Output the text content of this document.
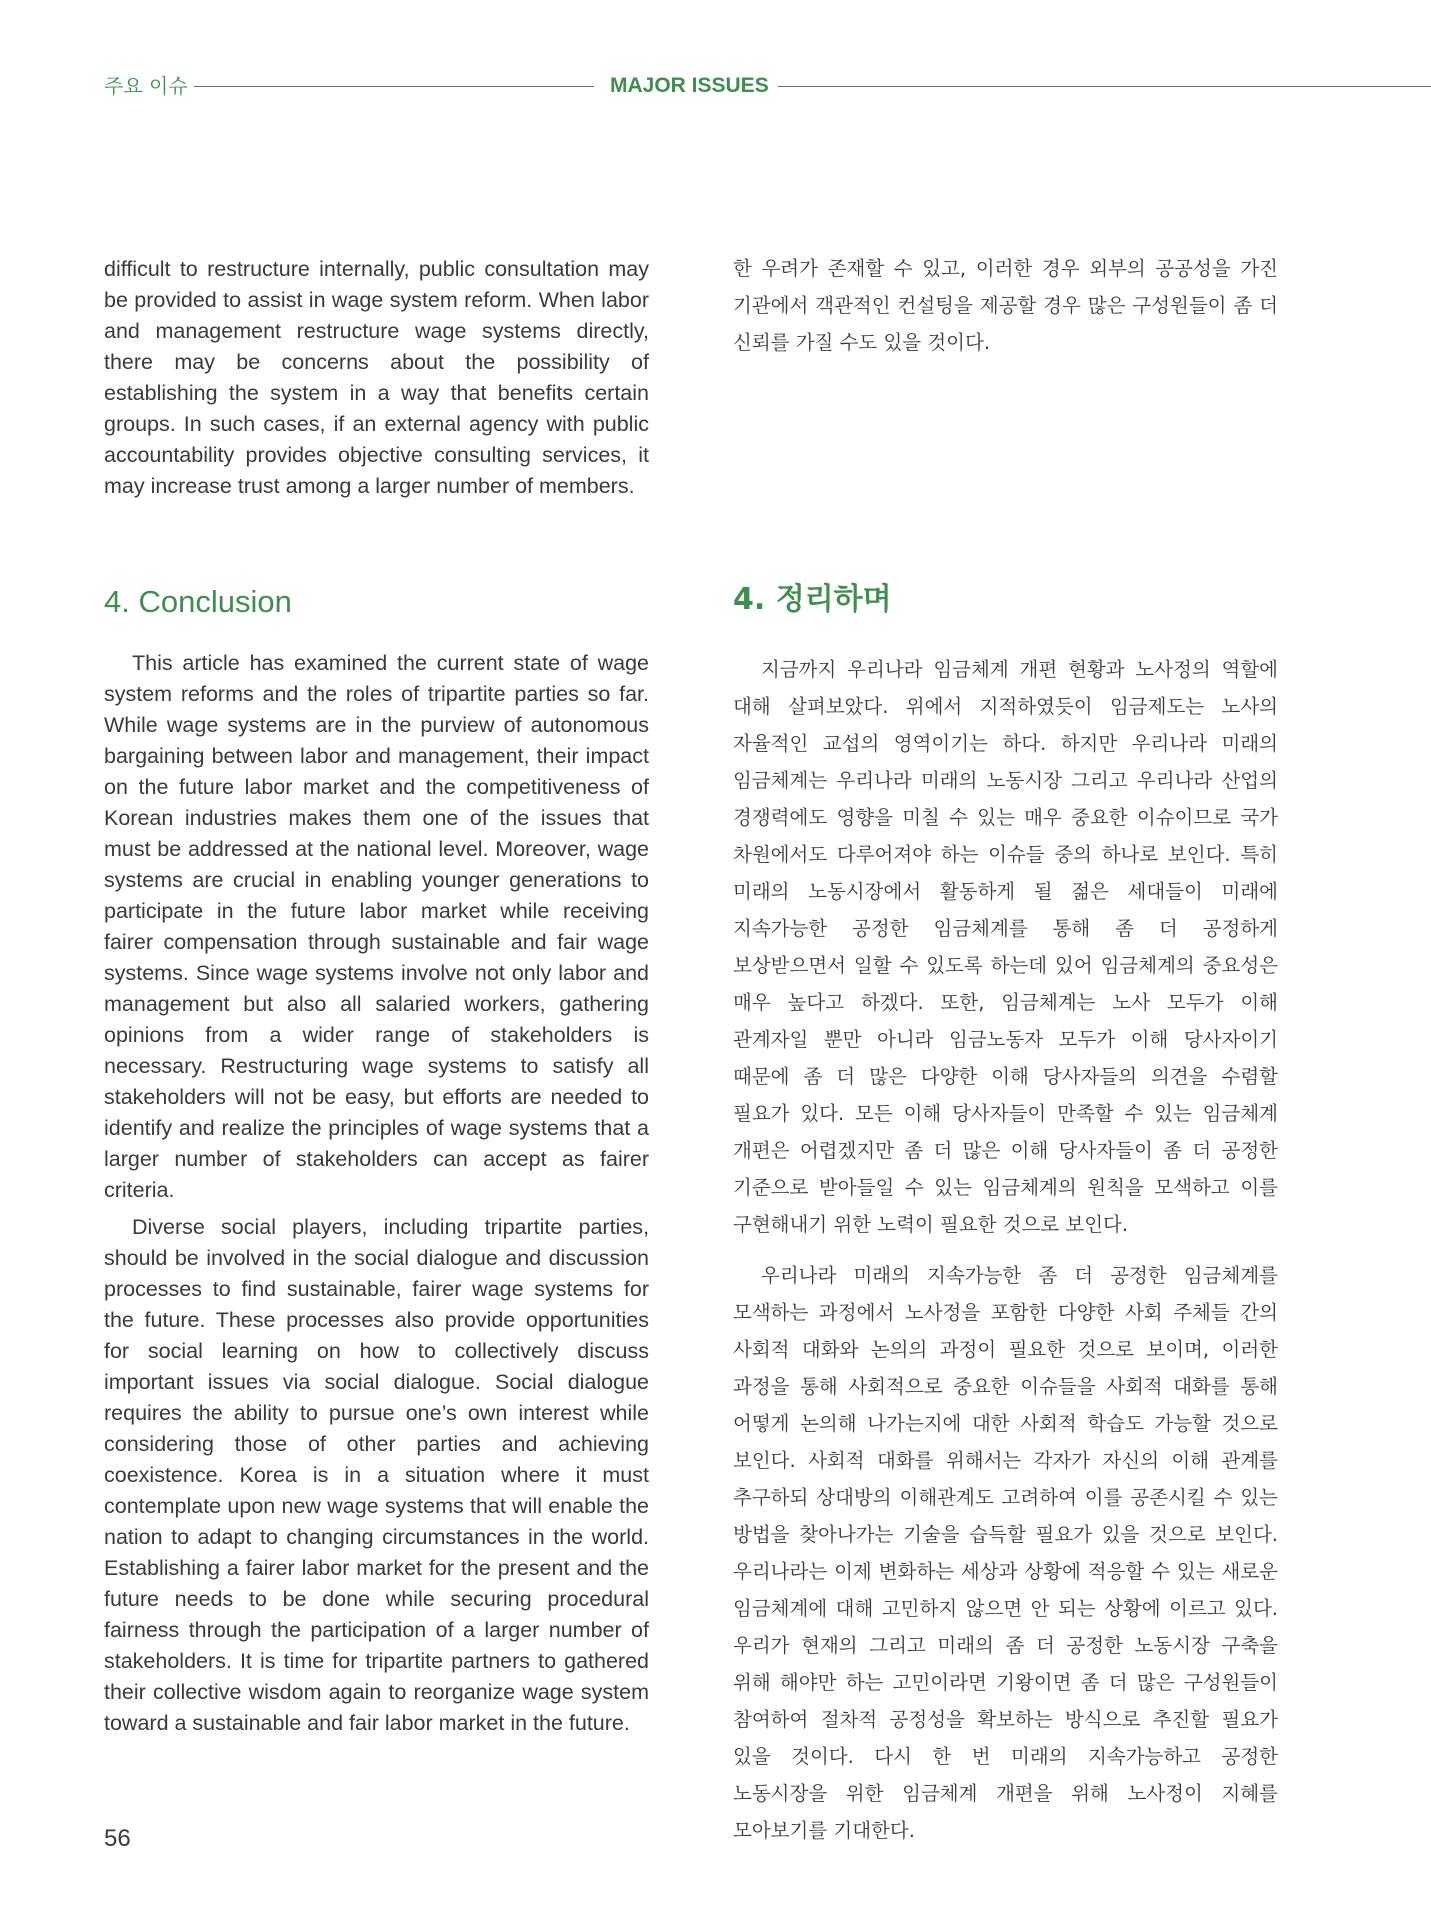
주요 이슈	MAJOR ISSUES

difficult to restructure internally, public consultation may be provided to assist in wage system reform. When labor and management restructure wage systems directly, there may be concerns about the possibility of establishing the system in a way that benefits certain groups. In such cases, if an external agency with public accountability provides objective consulting services, it may increase trust among a larger number of members.

한 우려가 존재할 수 있고, 이러한 경우 외부의 공공성을 가진 기관에서 객관적인 컨설팅을 제공할 경우 많은 구성원들이 좀 더 신뢰를 가질 수도 있을 것이다.

4. Conclusion	4. 정리하며

This article has examined the current state of wage system reforms and the roles of tripartite parties so far. While wage systems are in the purview of autonomous bargaining between labor and management, their impact on the future labor market and the competitiveness of Korean industries makes them one of the issues that must be addressed at the national level. Moreover, wage systems are crucial in enabling younger generations to participate in the future labor market while receiving fairer compensation through sustainable and fair wage systems. Since wage systems involve not only labor and management but also all salaried workers, gathering opinions from a wider range of stakeholders is necessary. Restructuring wage systems to satisfy all stakeholders will not be easy, but efforts are needed to identify and realize the principles of wage systems that a larger number of stakeholders can accept as fairer criteria.

Diverse social players, including tripartite parties, should be involved in the social dialogue and discussion processes to find sustainable, fairer wage systems for the future. These processes also provide opportunities for social learning on how to collectively discuss important issues via social dialogue. Social dialogue requires the ability to pursue one’s own interest while considering those of other parties and achieving coexistence. Korea is in a situation where it must contemplate upon new wage systems that will enable the nation to adapt to changing circumstances in the world. Establishing a fairer labor market for the present and the future needs to be done while securing procedural fairness through the participation of a larger number of stakeholders. It is time for tripartite partners to gathered their collective wisdom again to reorganize wage system toward a sustainable and fair labor market in the future.

지금까지 우리나라 임금체계 개편 현황과 노사정의 역할에 대해 살펴보았다. 위에서 지적하였듯이 임금제도는 노사의 자율적인 교섭의 영역이기는 하다. 하지만 우리나라 미래의 임금체계는 우리나라 미래의 노동시장 그리고 우리나라 산업의 경쟁력에도 영향을 미칠 수 있는 매우 중요한 이슈이므로 국가 차원에서도 다루어져야 하는 이슈들 중의 하나로 보인다. 특히 미래의 노동시장에서 활동하게 될 젊은 세대들이 미래에 지속가능한 공정한 임금체계를 통해 좀 더 공정하게 보상받으면서 일할 수 있도록 하는데 있어 임금체계의 중요성은 매우 높다고 하겠다. 또한, 임금체계는 노사 모두가 이해 관계자일 뿐만 아니라 임금노동자 모두가 이해 당사자이기 때문에 좀 더 많은 다양한 이해 당사자들의 의견을 수렴할 필요가 있다. 모든 이해 당사자들이 만족할 수 있는 임금체계 개편은 어렵겠지만 좀 더 많은 이해 당사자들이 좀 더 공정한 기준으로 받아들일 수 있는 임금체계의 원칙을 모색하고 이를 구현해내기 위한 노력이 필요한 것으로 보인다.

우리나라 미래의 지속가능한 좀 더 공정한 임금체계를 모색하는 과정에서 노사정을 포함한 다양한 사회 주체들 간의 사회적 대화와 논의의 과정이 필요한 것으로 보이며, 이러한 과정을 통해 사회적으로 중요한 이슈들을 사회적 대화를 통해 어떻게 논의해 나가는지에 대한 사회적 학습도 가능할 것으로 보인다. 사회적 대화를 위해서는 각자가 자신의 이해 관계를 추구하되 상대방의 이해관계도 고려하여 이를 공존시킬 수 있는 방법을 찾아나가는 기술을 습득할 필요가 있을 것으로 보인다. 우리나라는 이제 변화하는 세상과 상황에 적응할 수 있는 새로운 임금체계에 대해 고민하지 않으면 안 되는 상황에 이르고 있다. 우리가 현재의 그리고 미래의 좀 더 공정한 노동시장 구축을 위해 해야만 하는 고민이라면 기왕이면 좀 더 많은 구성원들이 참여하여 절차적 공정성을 확보하는 방식으로 추진할 필요가 있을 것이다. 다시 한 번 미래의 지속가능하고 공정한 노동시장을 위한 임금체계 개편을 위해 노사정이 지혜를 모아보기를 기대한다.

56
